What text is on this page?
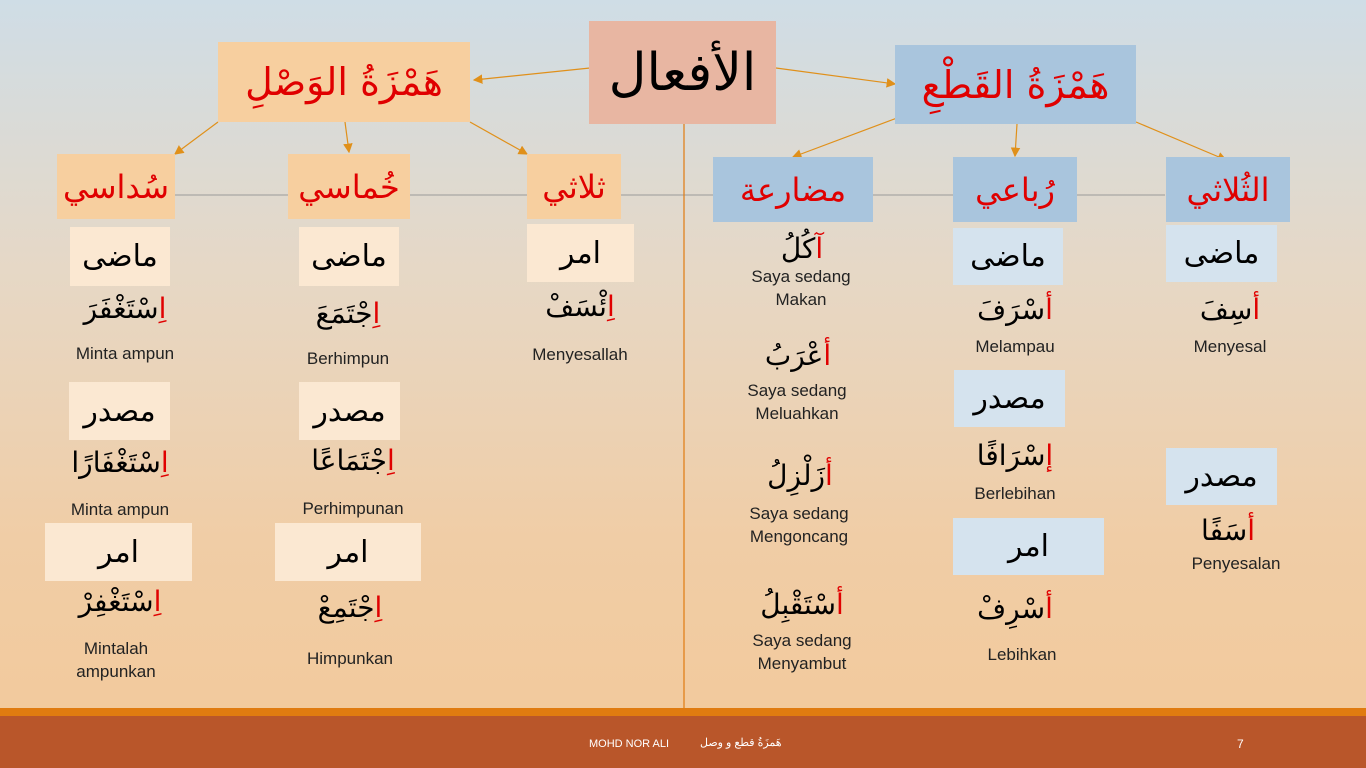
الأفعال
هَمْزَةُ الوَصْلِ	هَمْزَةُ القَطْعِ
سُداسي	خُماسي	ثلاثي	مضارعة	رُباعي	الثُلاثي
ماضى
اِسْتَغْفَرَ
Minta ampun
مصدر
اِسْتَغْفَارًا
Minta ampun
امر
اِسْتَغْفِرْ
Mintalah ampunkan
ماضى
اِجْتَمَعَ
Berhimpun
مصدر
اِجْتَمَاعًا
Perhimpunan
امر
اِجْتَمِعْ
Himpunkan
امر
اِئْسَفْ
Menyesallah
آكُلُ
Saya sedang Makan
أعْرَبُ
Saya sedang Meluahkan
أزَلْزِلُ
Saya sedang Mengoncang
أسْتَقْبِلُ
Saya sedang Menyambut
ماضى
أسْرَفَ
Melampau
مصدر
إسْرَافًا
Berlebihan
امر
أسْرِفْ
Lebihkan
ماضى
أسِفَ
Menyesal
مصدر
أسَفًا
Penyesalan
MOHD NOR ALI	هَمزَةُ قطع و وصل	7
